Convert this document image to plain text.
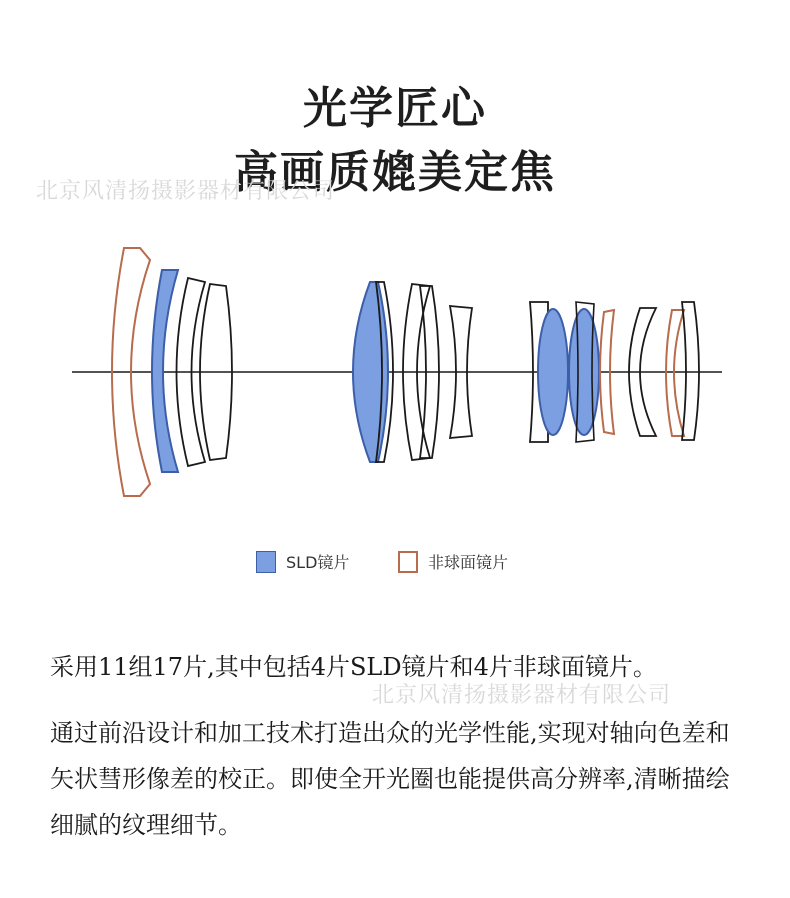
光学匠心
高画质媲美定焦
北京风清扬摄影器材有限公司
SLD镜片	非球面镜片
北京风清扬摄影器材有限公司
采用11组17片,其中包括4片SLD镜片和4片非球面镜片。
通过前沿设计和加工技术打造出众的光学性能,实现对轴向色差和矢状彗形像差的校正。即使全开光圈也能提供高分辨率,清晰描绘细腻的纹理细节。
